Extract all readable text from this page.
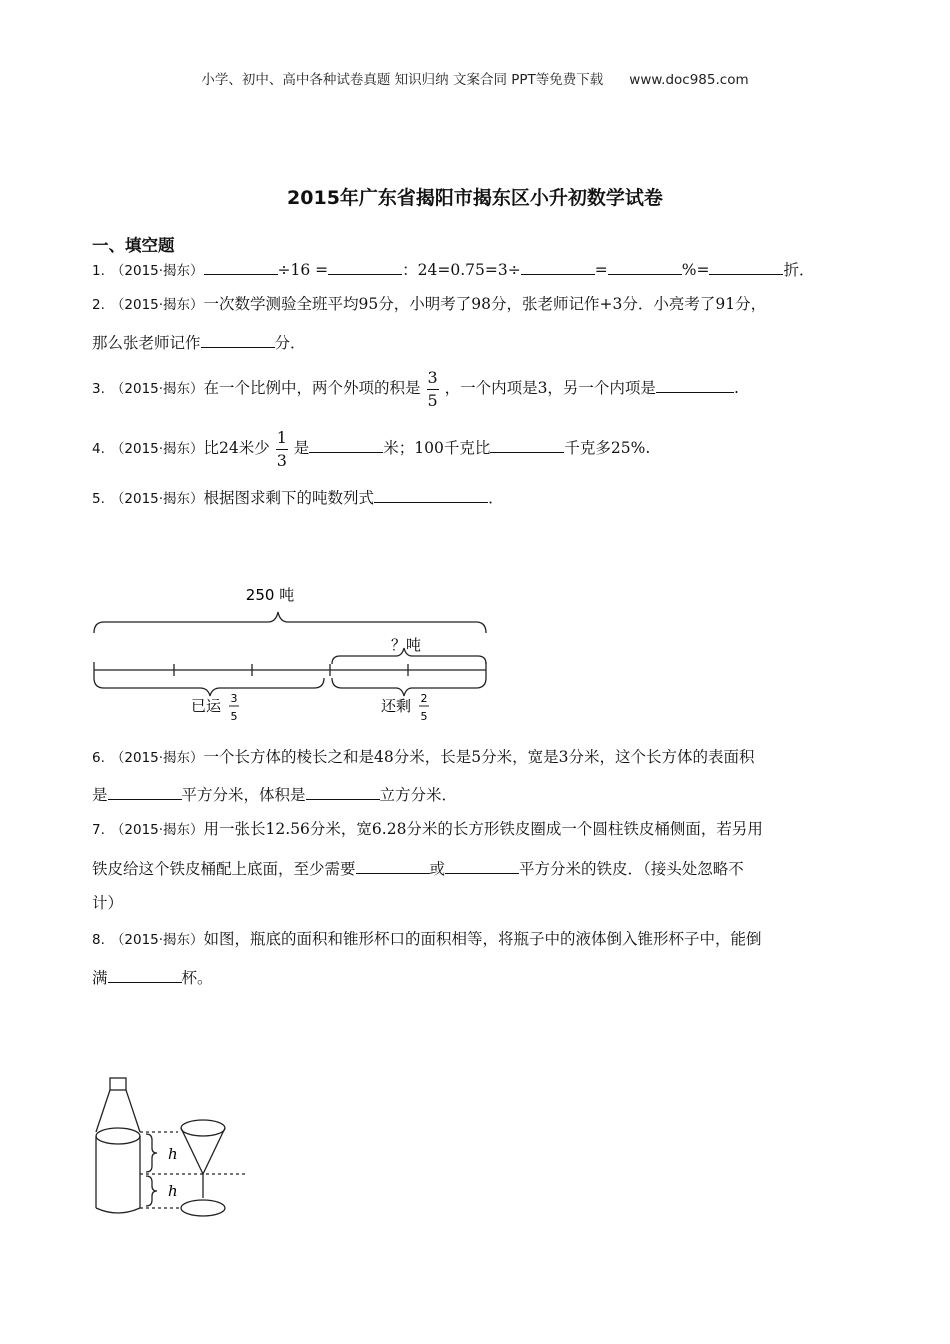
小学、初中、高中各种试卷真题 知识归纳 文案合同 PPT等免费下载 www.doc985.com
2015年广东省揭阳市揭东区小升初数学试卷
一、填空题
1. （2015·揭东）	÷16 =	：24=0.75=3÷	=	%=	折．
2. （2015·揭东）一次数学测验全班平均95分，小明考了98分，张老师记作+3分．小亮考了91分，
那么张老师记作	分．
3. （2015·揭东）在一个比例中，两个外项的积是 $\frac{3}{5}$ ，一个内项是3，另一个内项是	.
4. （2015·揭东）比24米少 $\frac{1}{3}$ 是	米；100千克比	千克多25%.
5. （2015·揭东）根据图求剩下的吨数列式	．
250 吨
？吨
已运 3
5
还剩 2
5
6. （2015·揭东）一个长方体的棱长之和是48分米，长是5分米，宽是3分米，这个长方体的表面积
是	平方分米，体积是	立方分米．
7. （2015·揭东）用一张长12.56分米，宽6.28分米的长方形铁皮圈成一个圆柱铁皮桶侧面，若另用
铁皮给这个铁皮桶配上底面，至少需要	或	平方分米的铁皮．（接头处忽略不
计）
8. （2015·揭东）如图，瓶底的面积和锥形杯口的面积相等，将瓶子中的液体倒入锥形杯子中，能倒
满	杯。
h
h
